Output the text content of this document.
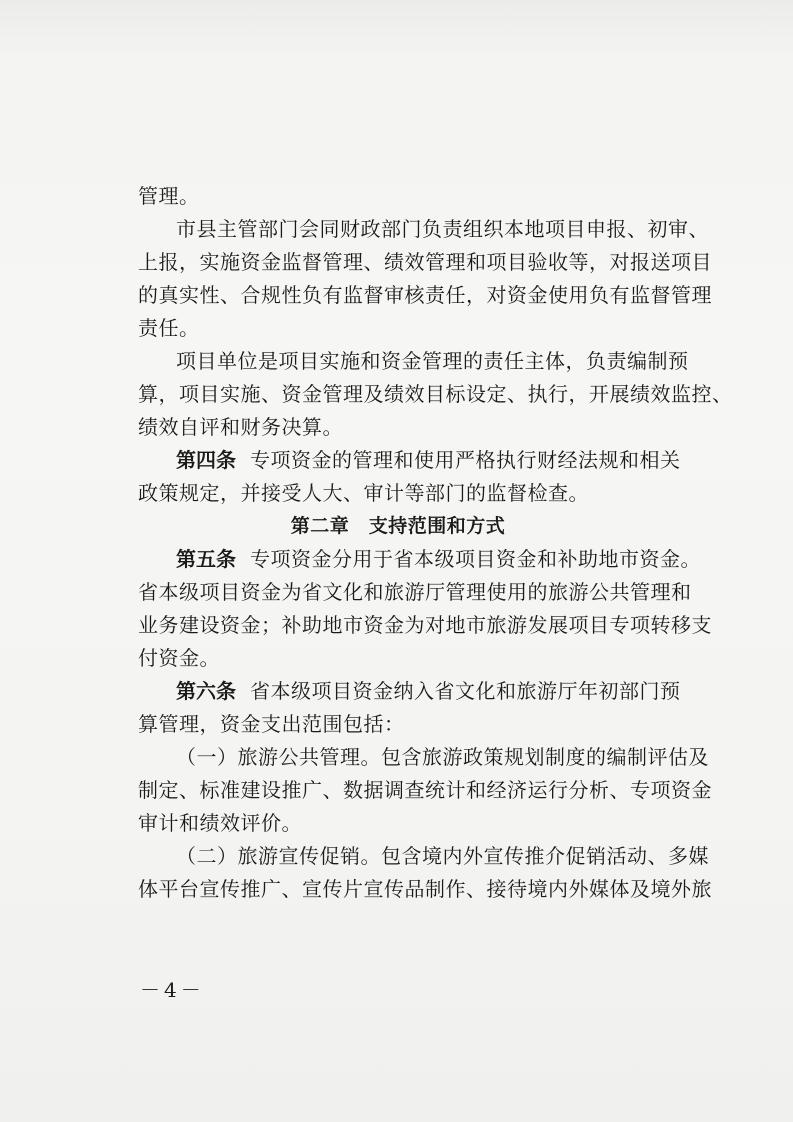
管理。
市县主管部门会同财政部门负责组织本地项目申报、初审、
上报，实施资金监督管理、绩效管理和项目验收等，对报送项目
的真实性、合规性负有监督审核责任，对资金使用负有监督管理
责任。
项目单位是项目实施和资金管理的责任主体，负责编制预
算，项目实施、资金管理及绩效目标设定、执行，开展绩效监控、
绩效自评和财务决算。
第四条 专项资金的管理和使用严格执行财经法规和相关
政策规定，并接受人大、审计等部门的监督检查。
第二章　支持范围和方式
第五条 专项资金分用于省本级项目资金和补助地市资金。
省本级项目资金为省文化和旅游厅管理使用的旅游公共管理和
业务建设资金；补助地市资金为对地市旅游发展项目专项转移支
付资金。
第六条 省本级项目资金纳入省文化和旅游厅年初部门预
算管理，资金支出范围包括：
（一）旅游公共管理。包含旅游政策规划制度的编制评估及
制定、标准建设推广、数据调查统计和经济运行分析、专项资金
审计和绩效评价。
（二）旅游宣传促销。包含境内外宣传推介促销活动、多媒
体平台宣传推广、宣传片宣传品制作、接待境内外媒体及境外旅
－4－
